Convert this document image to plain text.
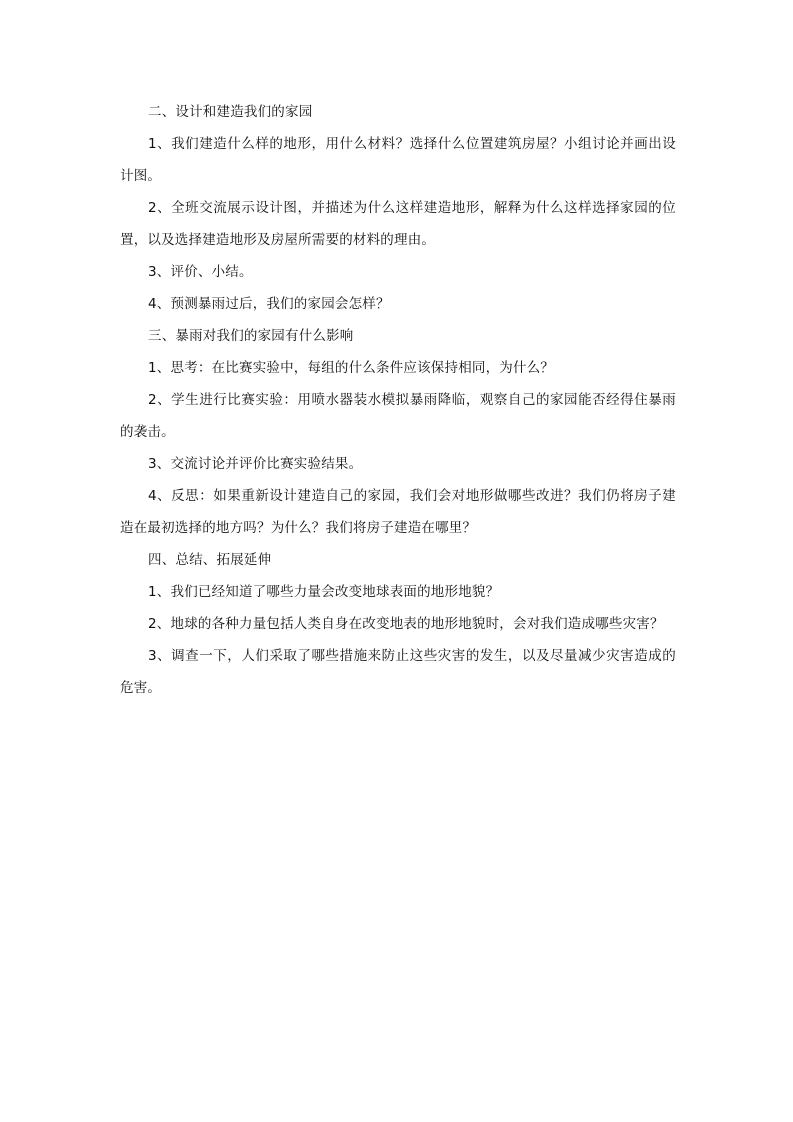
二、设计和建造我们的家园

1、我们建造什么样的地形，用什么材料？选择什么位置建筑房屋？小组讨论并画出设计图。

2、全班交流展示设计图，并描述为什么这样建造地形，解释为什么这样选择家园的位置，以及选择建造地形及房屋所需要的材料的理由。

3、评价、小结。

4、预测暴雨过后，我们的家园会怎样？

三、暴雨对我们的家园有什么影响

1、思考：在比赛实验中，每组的什么条件应该保持相同，为什么？

2、学生进行比赛实验：用喷水器装水模拟暴雨降临，观察自己的家园能否经得住暴雨的袭击。

3、交流讨论并评价比赛实验结果。

4、反思：如果重新设计建造自己的家园，我们会对地形做哪些改进？我们仍将房子建造在最初选择的地方吗？为什么？我们将房子建造在哪里？

四、总结、拓展延伸

1、我们已经知道了哪些力量会改变地球表面的地形地貌？

2、地球的各种力量包括人类自身在改变地表的地形地貌时，会对我们造成哪些灾害？

3、调查一下，人们采取了哪些措施来防止这些灾害的发生，以及尽量减少灾害造成的危害。
